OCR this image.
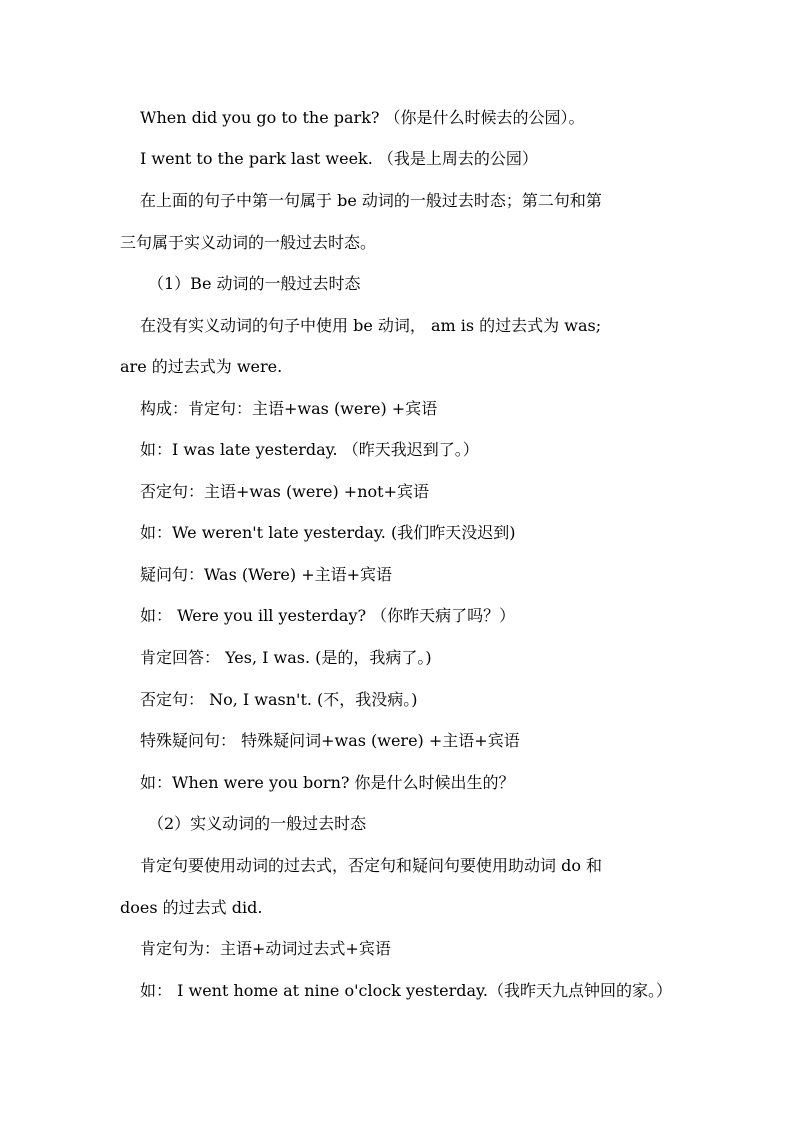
When did you go to the park? （你是什么时候去的公园）。
I went to the park last week. （我是上周去的公园）
在上面的句子中第一句属于 be 动词的一般过去时态；第二句和第
三句属于实义动词的一般过去时态。
（1）Be 动词的一般过去时态
在没有实义动词的句子中使用 be 动词， am is 的过去式为 was;
are 的过去式为 were.
构成：肯定句：主语+was (were) +宾语
如：I was late yesterday. （昨天我迟到了。）
否定句：主语+was (were) +not+宾语
如：We weren't late yesterday. (我们昨天没迟到)
疑问句：Was (Were) +主语+宾语
如： Were you ill yesterday? （你昨天病了吗？）
肯定回答： Yes, I was. (是的，我病了。)
否定句： No, I wasn't. (不，我没病。)
特殊疑问句： 特殊疑问词+was (were) +主语+宾语
如：When were you born? 你是什么时候出生的？
（2）实义动词的一般过去时态
肯定句要使用动词的过去式，否定句和疑问句要使用助动词 do 和
does 的过去式 did.
肯定句为：主语+动词过去式+宾语
如： I went home at nine o'clock yesterday.（我昨天九点钟回的家。）
